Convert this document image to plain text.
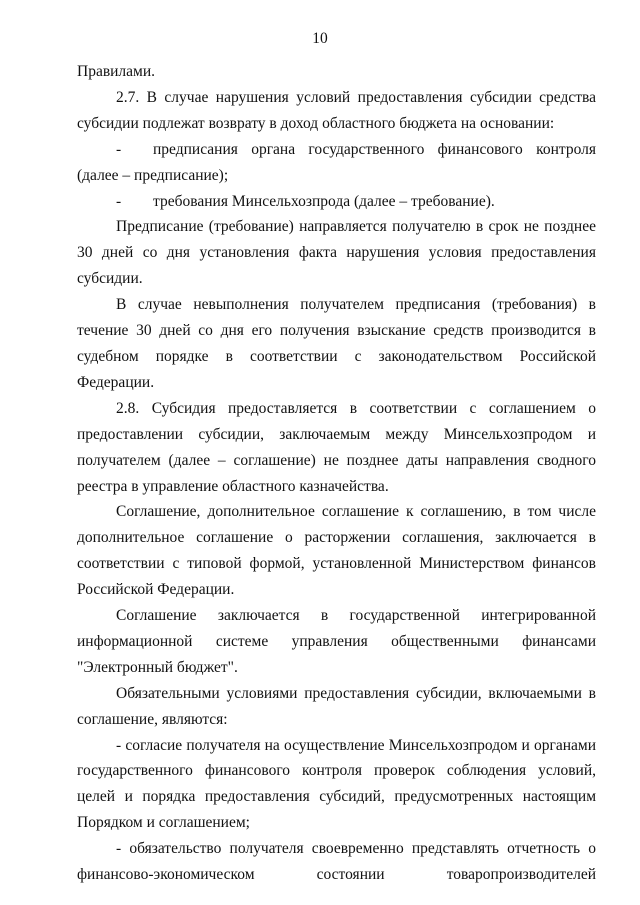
10

Правилами.

2.7. В случае нарушения условий предоставления субсидии средства субсидии подлежат возврату в доход областного бюджета на основании:

- предписания органа государственного финансового контроля (далее – предписание);

- требования Минсельхозпрода (далее – требование).

Предписание (требование) направляется получателю в срок не позднее 30 дней со дня установления факта нарушения условия предоставления субсидии.

В случае невыполнения получателем предписания (требования) в течение 30 дней со дня его получения взыскание средств производится в судебном порядке в соответствии с законодательством Российской Федерации.

2.8. Субсидия предоставляется в соответствии с соглашением о предоставлении субсидии, заключаемым между Минсельхозпродом и получателем (далее – соглашение) не позднее даты направления сводного реестра в управление областного казначейства.

Соглашение, дополнительное соглашение к соглашению, в том числе дополнительное соглашение о расторжении соглашения, заключается в соответствии с типовой формой, установленной Министерством финансов Российской Федерации.

Соглашение заключается в государственной интегрированной информационной системе управления общественными финансами "Электронный бюджет".

Обязательными условиями предоставления субсидии, включаемыми в соглашение, являются:

- согласие получателя на осуществление Минсельхозпродом и органами государственного финансового контроля проверок соблюдения условий, целей и порядка предоставления субсидий, предусмотренных настоящим Порядком и соглашением;

- обязательство получателя своевременно представлять отчетность о финансово-экономическом состоянии товаропроизводителей
